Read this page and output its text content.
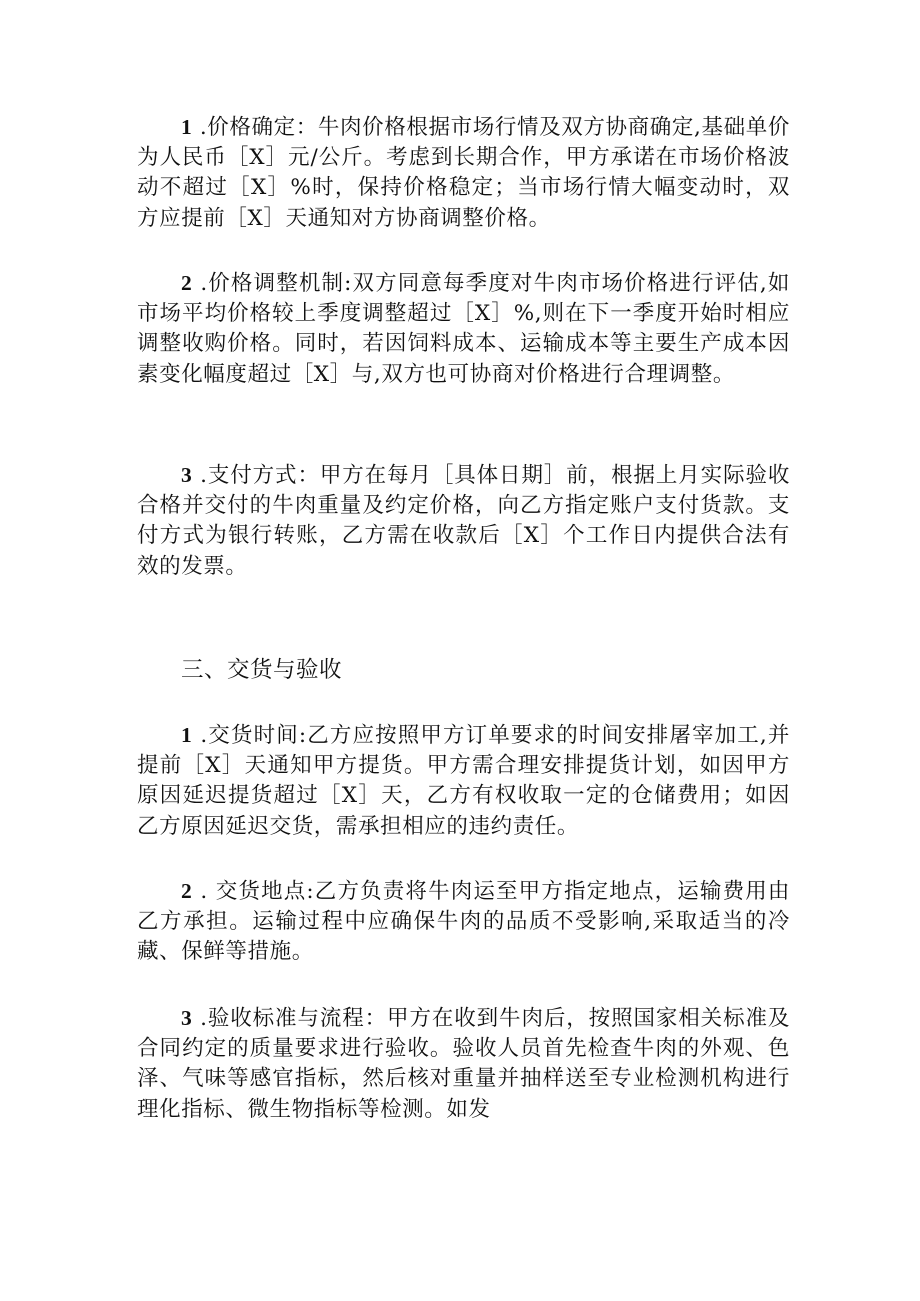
1 .价格确定：牛肉价格根据市场行情及双方协商确定,基础单价为人民币［X］元/公斤。考虑到长期合作，甲方承诺在市场价格波动不超过［X］%时，保持价格稳定；当市场行情大幅变动时，双方应提前［X］天通知对方协商调整价格。

2 .价格调整机制:双方同意每季度对牛肉市场价格进行评估,如市场平均价格较上季度调整超过［X］%,则在下一季度开始时相应调整收购价格。同时，若因饲料成本、运输成本等主要生产成本因素变化幅度超过［X］与,双方也可协商对价格进行合理调整。

3 .支付方式：甲方在每月［具体日期］前，根据上月实际验收合格并交付的牛肉重量及约定价格，向乙方指定账户支付货款。支付方式为银行转账，乙方需在收款后［X］个工作日内提供合法有效的发票。

三、交货与验收

1 .交货时间:乙方应按照甲方订单要求的时间安排屠宰加工,并提前［X］天通知甲方提货。甲方需合理安排提货计划，如因甲方原因延迟提货超过［X］天，乙方有权收取一定的仓储费用；如因乙方原因延迟交货，需承担相应的违约责任。

2 . 交货地点:乙方负责将牛肉运至甲方指定地点，运输费用由乙方承担。运输过程中应确保牛肉的品质不受影响,采取适当的冷藏、保鲜等措施。

3 .验收标准与流程：甲方在收到牛肉后，按照国家相关标准及合同约定的质量要求进行验收。验收人员首先检查牛肉的外观、色泽、气味等感官指标，然后核对重量并抽样送至专业检测机构进行理化指标、微生物指标等检测。如发
